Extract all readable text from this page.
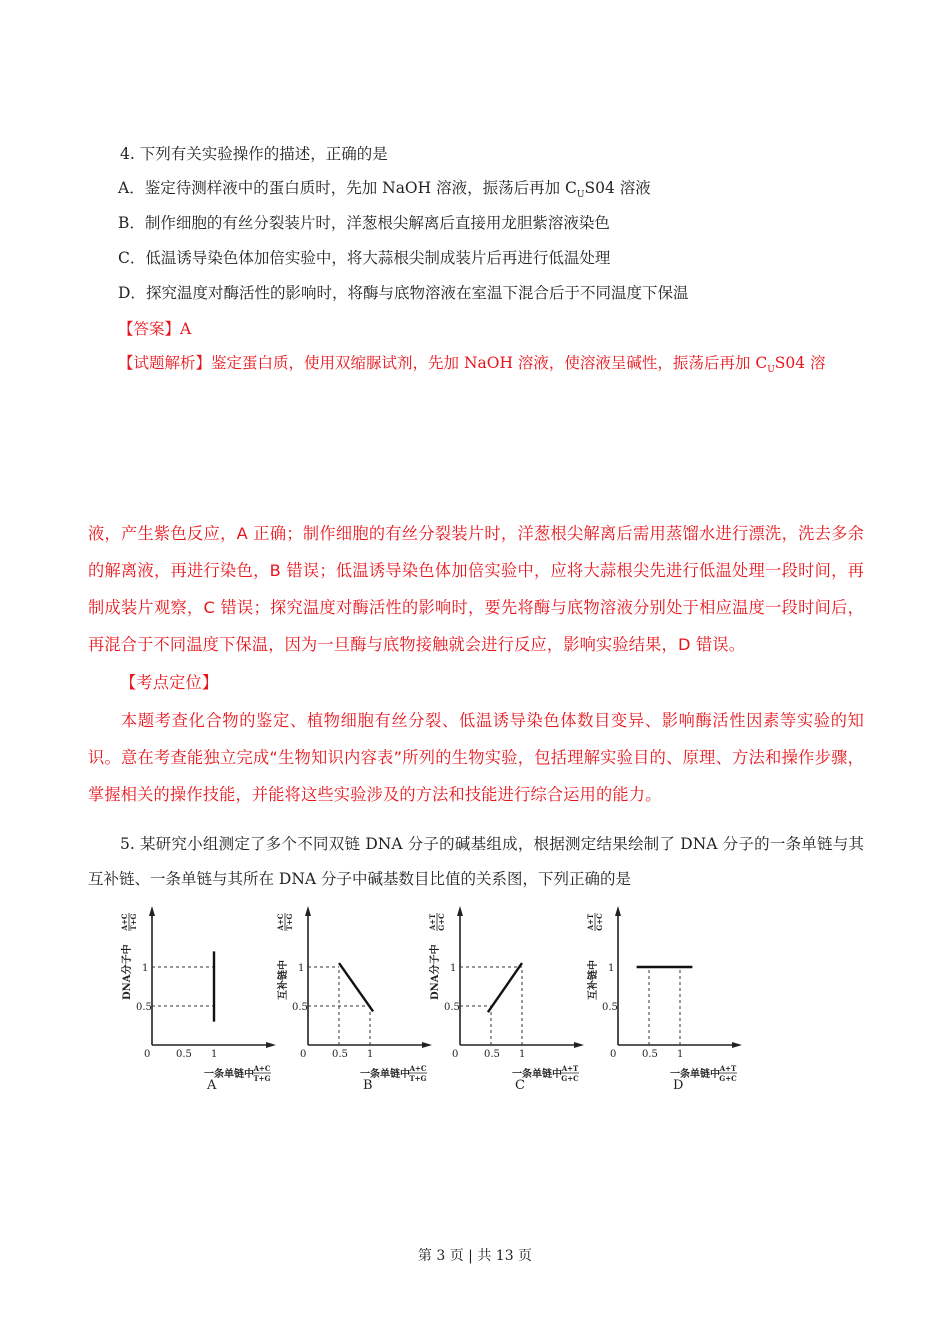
4. 下列有关实验操作的描述，正确的是
A．鉴定待测样液中的蛋白质时，先加 NaOH 溶液，振荡后再加 $C_US04$ 溶液
B．制作细胞的有丝分裂装片时，洋葱根尖解离后直接用龙胆紫溶液染色
C．低温诱导染色体加倍实验中，将大蒜根尖制成装片后再进行低温处理
D．探究温度对酶活性的影响时，将酶与底物溶液在室温下混合后于不同温度下保温
【答案】A
【试题解析】鉴定蛋白质，使用双缩脲试剂，先加 NaOH 溶液，使溶液呈碱性，振荡后再加 $C_US04$ 溶
液，产生紫色反应，A 正确；制作细胞的有丝分裂装片时，洋葱根尖解离后需用蒸馏水进行漂洗，洗去多余的解离液，再进行染色，B 错误；低温诱导染色体加倍实验中，应将大蒜根尖先进行低温处理一段时间，再制成装片观察，C 错误；探究温度对酶活性的影响时，要先将酶与底物溶液分别处于相应温度一段时间后，再混合于不同温度下保温，因为一旦酶与底物接触就会进行反应，影响实验结果，D 错误。
【考点定位】
本题考查化合物的鉴定、植物细胞有丝分裂、低温诱导染色体数目变异、影响酶活性因素等实验的知识。意在考查能独立完成“生物知识内容表”所列的生物实验，包括理解实验目的、原理、方法和操作步骤，掌握相关的操作技能，并能将这些实验涉及的方法和技能进行综合运用的能力。
5. 某研究小组测定了多个不同双链 DNA 分子的碱基组成，根据测定结果绘制了 DNA 分子的一条单链与其互补链、一条单链与其所在 DNA 分子中碱基数目比值的关系图，下列正确的是
0	0.5 1
0.5
1
一条单链中
A+C
T+G
DNA分子中
A+C T+G
A
0	0.5 1
0.5
1
一条单链中
A+C
T+G
互补链中
A+C T+G
B
0	0.5 1
0.5
1
一条单链中
A+T
G+C
DNA分子中
A+T G+C
C
0	0.5 1
0.5
1
一条单链中
A+T
G+C
互补链中
A+T G+C
D
第 3 页 | 共 13 页
